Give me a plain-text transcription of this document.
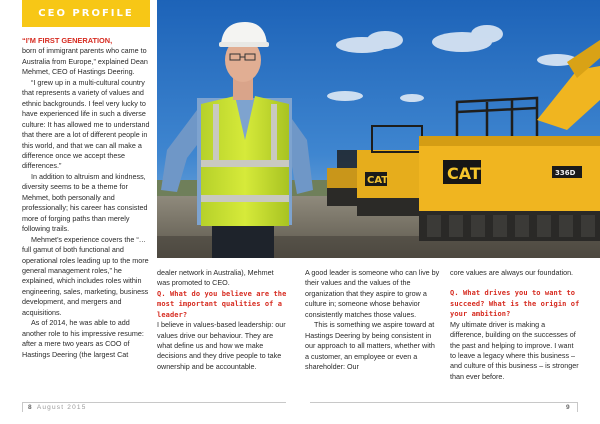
CEO PROFILE
CAT	CAT	336D

“I’M FIRST GENERATION,

born of immigrant parents who came to Australia from Europe,” explained Dean Mehmet, CEO of Hastings Deering.

“I grew up in a multi-cultural country that represents a variety of values and ethnic backgrounds. I feel very lucky to have experienced life in such a diverse culture: It has allowed me to understand that there are a lot of different people in this world, and that we can all make a difference once we accept these differences.”

In addition to altruism and kindness, diversity seems to be a theme for Mehmet, both personally and professionally; his career has consisted more of forging paths than merely following trails.

Mehmet’s experience covers the “…full gamut of both functional and operational roles leading up to the more general management roles,” he explained, which includes roles within engineering, sales, marketing, business development, and mergers and acquisitions.

As of 2014, he was able to add another role to his impressive resume: after a mere two years as COO of Hastings Deering (the largest Cat

dealer network in Australia), Mehmet was promoted to CEO.

Q. What do you believe are the most important qualities of a leader?

I believe in values-based leadership: our values drive our behaviour. They are what define us and how we make decisions and they drive people to take ownership and be accountable.

A good leader is someone who can live by their values and the values of the organization that they aspire to grow a culture in; someone whose behavior consistently matches those values.

This is something we aspire toward at Hastings Deering by being consistent in our approach to all matters, whether with a customer, an employee or even a shareholder: Our

core values are always our foundation.

Q. What drives you to want to succeed? What is the origin of your ambition?

My ultimate driver is making a difference, building on the successes of the past and helping to improve. I want to leave a legacy where this business – and culture of this business – is stronger than ever before.

8 August 2015	9
